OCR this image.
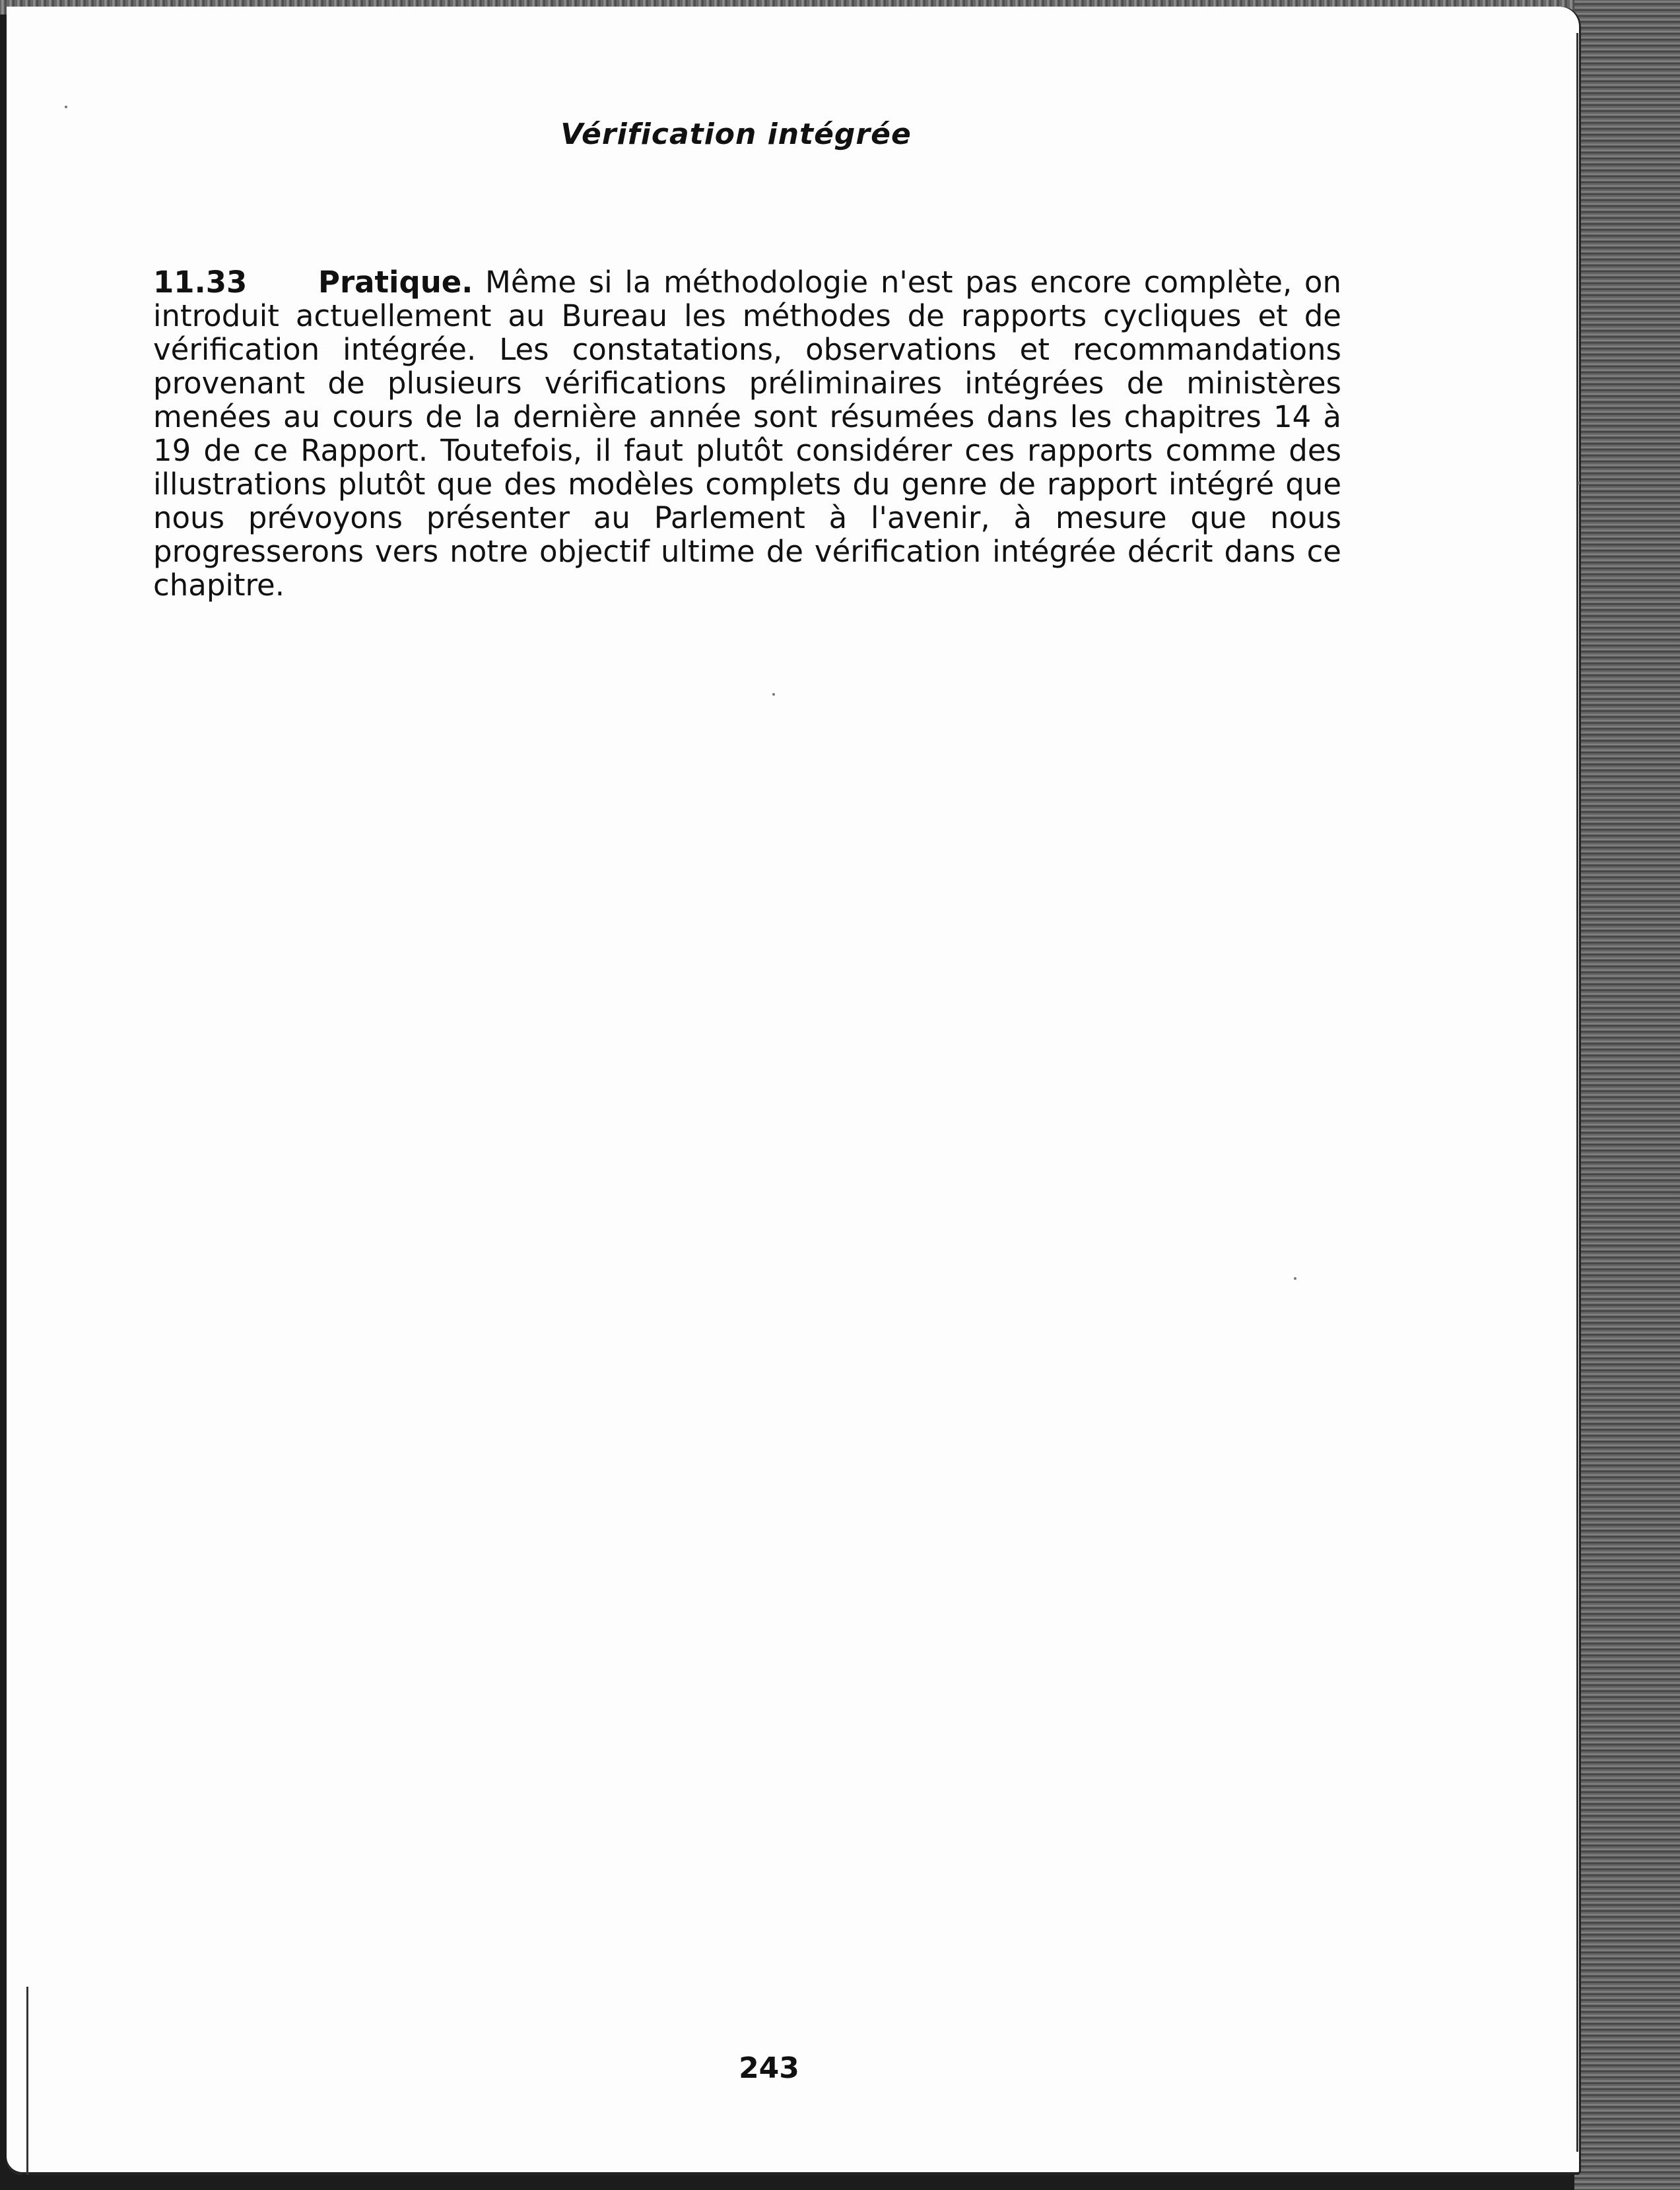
Vérification intégrée

11.33 Pratique. Même si la méthodologie n'est pas encore complète, on introduit actuellement au Bureau les méthodes de rapports cycliques et de vérification intégrée. Les constatations, observations et recommandations provenant de plusieurs vérifications préliminaires intégrées de ministères menées au cours de la dernière année sont résumées dans les chapitres 14 à 19 de ce Rapport. Toutefois, il faut plutôt considérer ces rapports comme des illustrations plutôt que des modèles complets du genre de rapport intégré que nous prévoyons présenter au Parlement à l'avenir, à mesure que nous progresserons vers notre objectif ultime de vérification intégrée décrit dans ce chapitre.

243
